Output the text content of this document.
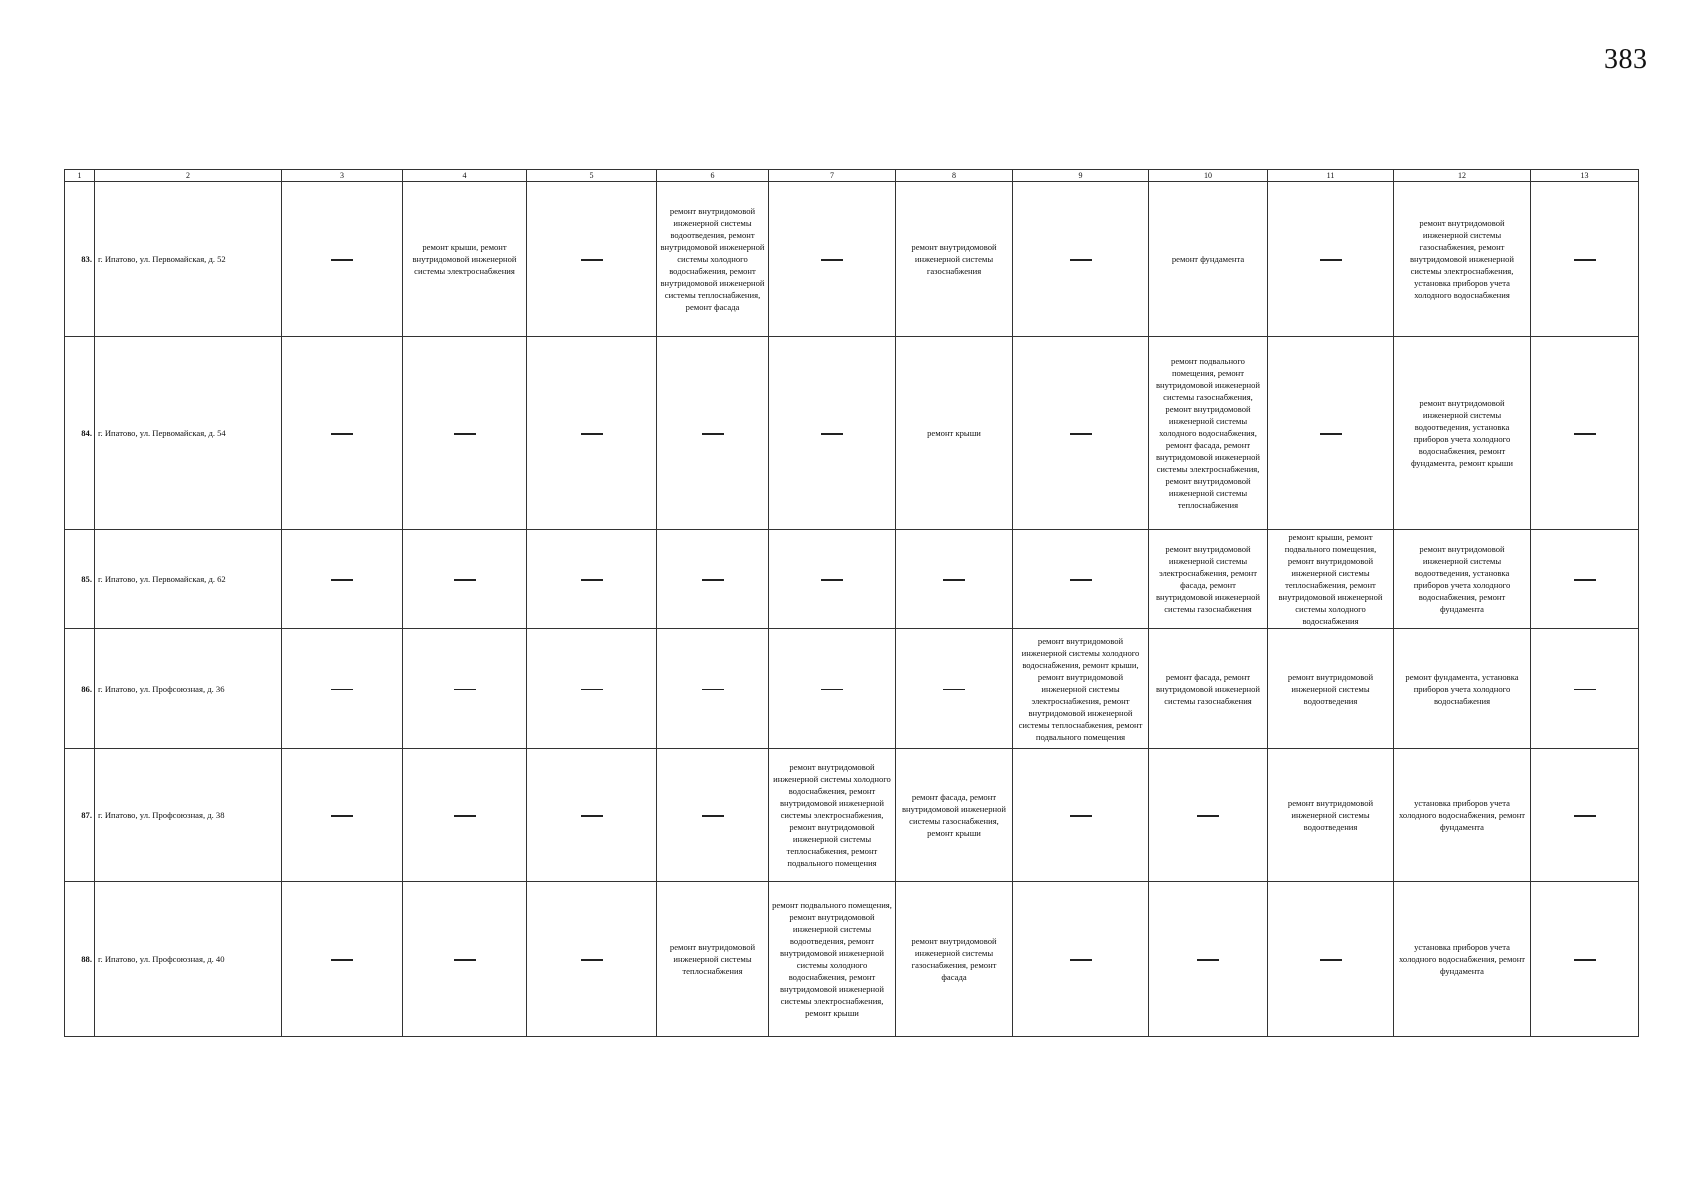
383
1	2	3	4	5	6	7	8	9	10	11	12	13
83.	г. Ипатово, ул. Первомайская, д. 52		ремонт крыши, ремонт внутридомовой инженерной системы электроснабжения		ремонт внутридомовой инженерной системы водоотведения, ремонт внутридомовой инженерной системы холодного водоснабжения, ремонт внутридомовой инженерной системы теплоснабжения, ремонт фасада		ремонт внутридомовой инженерной системы газоснабжения		ремонт фундамента		ремонт внутридомовой инженерной системы газоснабжения, ремонт внутридомовой инженерной системы электроснабжения, установка приборов учета холодного водоснабжения	
84.	г. Ипатово, ул. Первомайская, д. 54						ремонт крыши		ремонт подвального помещения, ремонт внутридомовой инженерной системы газоснабжения, ремонт внутридомовой инженерной системы холодного водоснабжения, ремонт фасада, ремонт внутридомовой инженерной системы электроснабжения, ремонт внутридомовой инженерной системы теплоснабжения		ремонт внутридомовой инженерной системы водоотведения, установка приборов учета холодного водоснабжения, ремонт фундамента, ремонт крыши	
85.	г. Ипатово, ул. Первомайская, д. 62								ремонт внутридомовой инженерной системы электроснабжения, ремонт фасада, ремонт внутридомовой инженерной системы газоснабжения	ремонт крыши, ремонт подвального помещения, ремонт внутридомовой инженерной системы теплоснабжения, ремонт внутридомовой инженерной системы холодного водоснабжения	ремонт внутридомовой инженерной системы водоотведения, установка приборов учета холодного водоснабжения, ремонт фундамента	
86.	г. Ипатово, ул. Профсоюзная, д. 36							ремонт внутридомовой инженерной системы холодного водоснабжения, ремонт крыши, ремонт внутридомовой инженерной системы электроснабжения, ремонт внутридомовой инженерной системы теплоснабжения, ремонт подвального помещения	ремонт фасада, ремонт внутридомовой инженерной системы газоснабжения	ремонт внутридомовой инженерной системы водоотведения	ремонт фундамента, установка приборов учета холодного водоснабжения	
87.	г. Ипатово, ул. Профсоюзная, д. 38					ремонт внутридомовой инженерной системы холодного водоснабжения, ремонт внутридомовой инженерной системы электроснабжения, ремонт внутридомовой инженерной системы теплоснабжения, ремонт подвального помещения	ремонт фасада, ремонт внутридомовой инженерной системы газоснабжения, ремонт крыши			ремонт внутридомовой инженерной системы водоотведения	установка приборов учета холодного водоснабжения, ремонт фундамента	
88.	г. Ипатово, ул. Профсоюзная, д. 40				ремонт внутридомовой инженерной системы теплоснабжения	ремонт подвального помещения, ремонт внутридомовой инженерной системы водоотведения, ремонт внутридомовой инженерной системы холодного водоснабжения, ремонт внутридомовой инженерной системы электроснабжения, ремонт крыши	ремонт внутридомовой инженерной системы газоснабжения, ремонт фасада				установка приборов учета холодного водоснабжения, ремонт фундамента	
